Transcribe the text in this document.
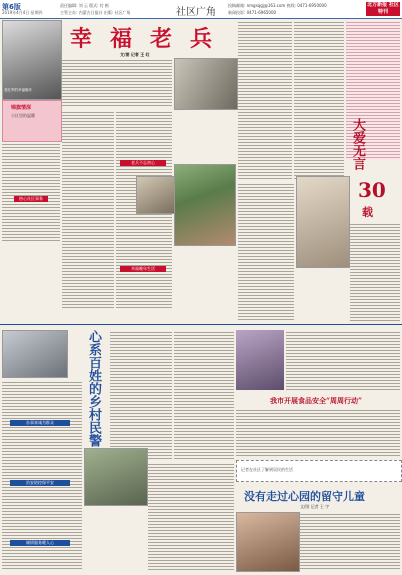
第6版
2019年4月4日 星期四
责任编辑: 刘 云 版式: 付 彬
主管主办: 内蒙古日报社 出版: 社区广角	社区广角
投稿邮箱: nmgsqgj@163.com 热线: 0471-6950000
新闻投诉: 0471-6965000
北方新报 社区特刊
老红军的幸福晚年
幸 福 老 兵
文/图 记者 王 红
锦旗情深
小区里的温暖
热心社区事务
老兵不忘初心
幸福晚年生活
大爱无言
30
载
心系百姓的乡村民警
办事真诚为群众
治安防控保平安
倾情服务暖人心
我市开展食品安全“周周行动”
记者在社区了解到居民的生活
没有走过心园的留守儿童
文/图 记者 王 宇
